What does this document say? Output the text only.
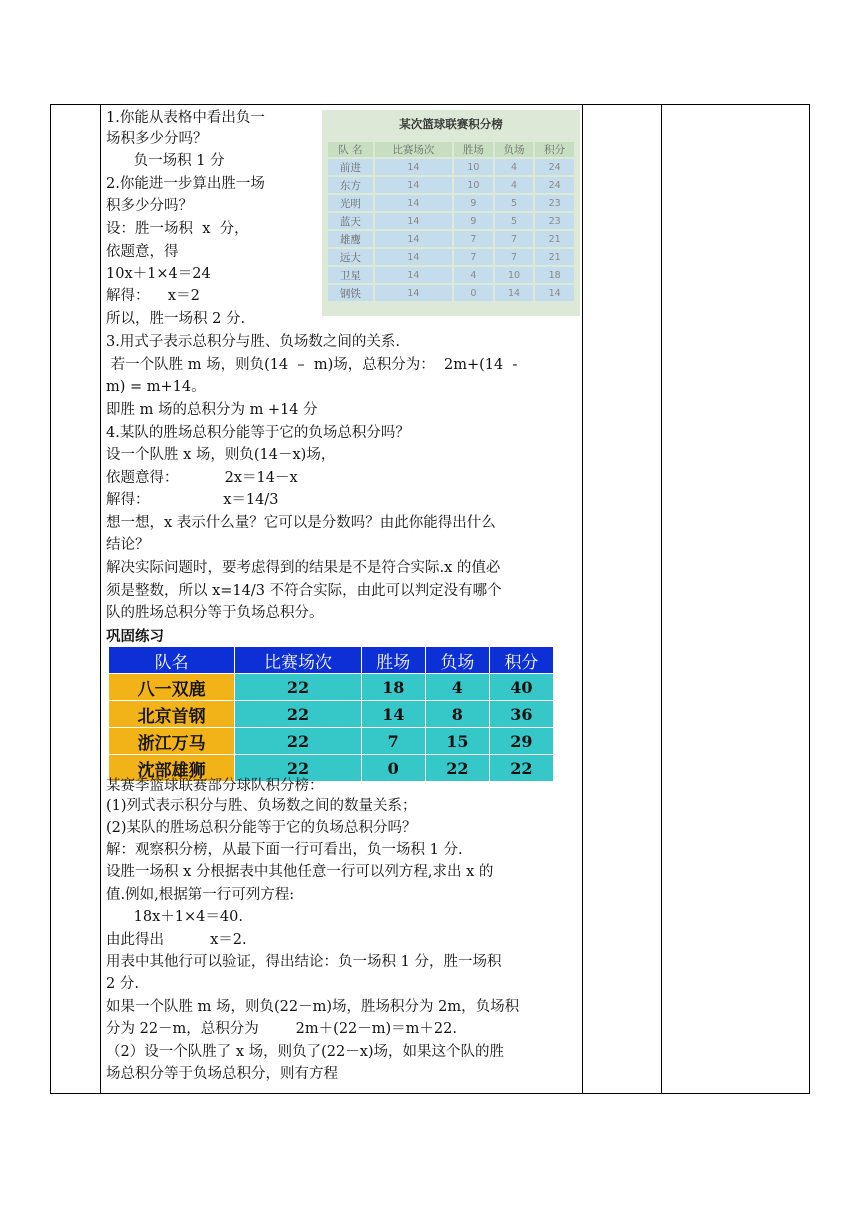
1.你能从表格中看出负一
场积多少分吗？
负一场积 1 分
2.你能进一步算出胜一场
积多少分吗？
设：胜一场积  x  分，
依题意，得
10x＋1×4＝24
解得：    x＝2
所以，胜一场积 2 分.
3.用式子表示总积分与胜、负场数之间的关系.
若一个队胜 m 场，则负(14  –  m)场，总积分为：  2m+(14  -
m) = m+14。
即胜 m 场的总积分为 m +14 分
4.某队的胜场总积分能等于它的负场总积分吗？
设一个队胜 x 场，则负(14－x)场，
依题意得：          2x＝14－x
解得：                x＝14/3
想一想，x 表示什么量？它可以是分数吗？由此你能得出什么
结论？
解决实际问题时，要考虑得到的结果是不是符合实际.x 的值必
须是整数，所以 x=14/3 不符合实际，由此可以判定没有哪个
队的胜场总积分等于负场总积分。
某次篮球联赛积分榜
队 名	比赛场次	胜场	负场	积分
前进	14	10	4	24
东方	14	10	4	24
光明	14	9	5	23
蓝天	14	9	5	23
雄鹰	14	7	7	21
远大	14	7	7	21
卫星	14	4	10	18
钢铁	14	0	14	14
巩固练习
队名	比赛场次	胜场	负场	积分
八一双鹿	22	18	4	40
北京首钢	22	14	8	36
浙江万马	22	7	15	29
沈部雄狮	22	0	22	22
某赛季篮球联赛部分球队积分榜：
(1)列式表示积分与胜、负场数之间的数量关系；
(2)某队的胜场总积分能等于它的负场总积分吗？
解：观察积分榜，从最下面一行可看出，负一场积 1 分.
设胜一场积 x 分根据表中其他任意一行可以列方程,求出 x 的
值.例如,根据第一行可列方程:
18x＋1×4＝40.
由此得出          x＝2.
用表中其他行可以验证，得出结论：负一场积 1 分，胜一场积
2 分.
如果一个队胜 m 场，则负(22－m)场，胜场积分为 2m，负场积
分为 22－m，总积分为        2m＋(22－m)＝m＋22.
（2）设一个队胜了 x 场，则负了(22－x)场，如果这个队的胜
场总积分等于负场总积分，则有方程
